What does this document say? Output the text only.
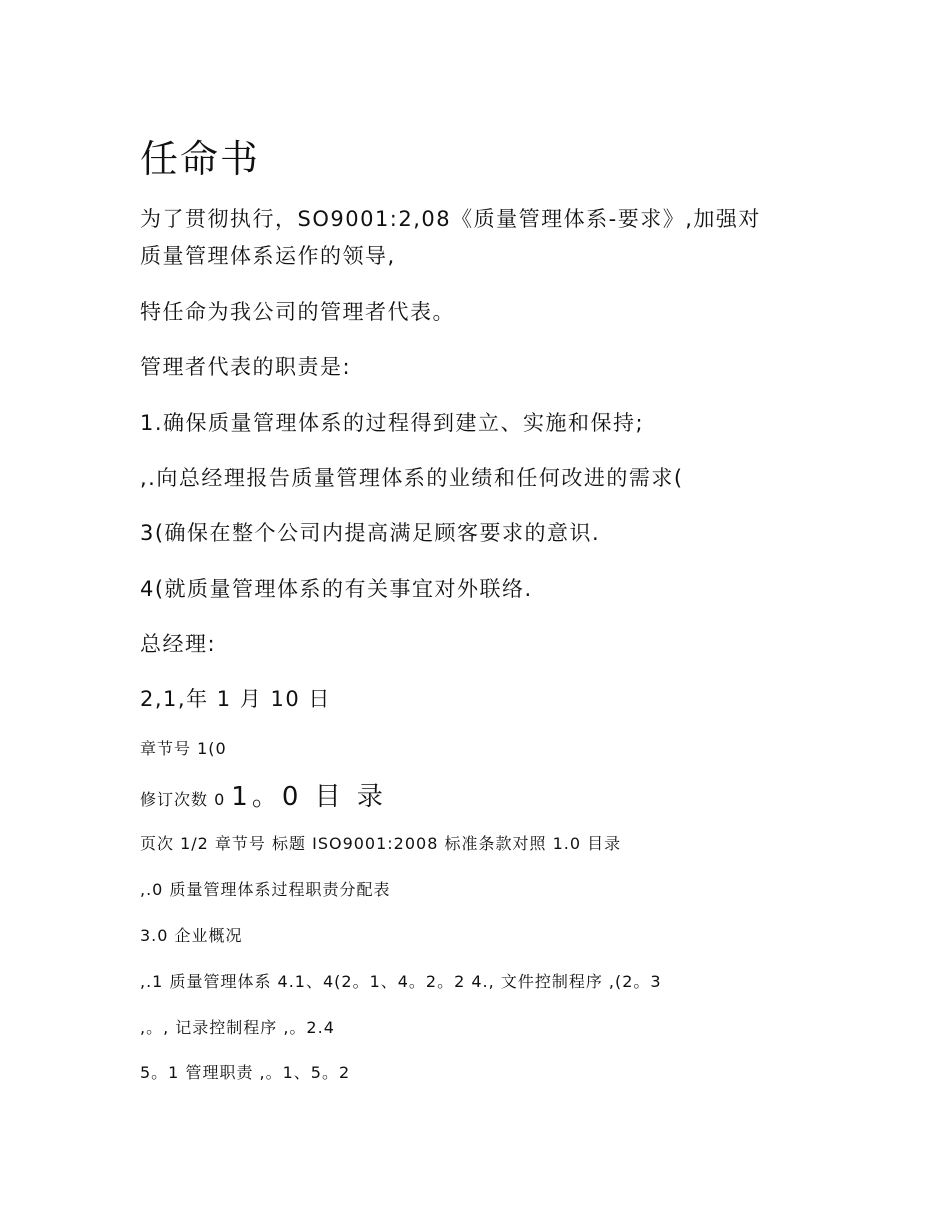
任命书
为了贯彻执行，SO9001:2,08《质量管理体系-要求》,加强对
质量管理体系运作的领导,
特任命为我公司的管理者代表。
管理者代表的职责是:
1.确保质量管理体系的过程得到建立、实施和保持;
,.向总经理报告质量管理体系的业绩和任何改进的需求(
3(确保在整个公司内提高满足顾客要求的意识.
4(就质量管理体系的有关事宜对外联络.
总经理:
2,1,年 1 月 10 日
章节号 1(0
修订次数 0 1。0 目 录
页次 1/2 章节号 标题 ISO9001:2008 标准条款对照 1.0 目录
,.0 质量管理体系过程职责分配表
3.0 企业概况
,.1 质量管理体系 4.1、4(2。1、4。2。2 4., 文件控制程序 ,(2。3
,。, 记录控制程序 ,。2.4
5。1 管理职责 ,。1、5。2
